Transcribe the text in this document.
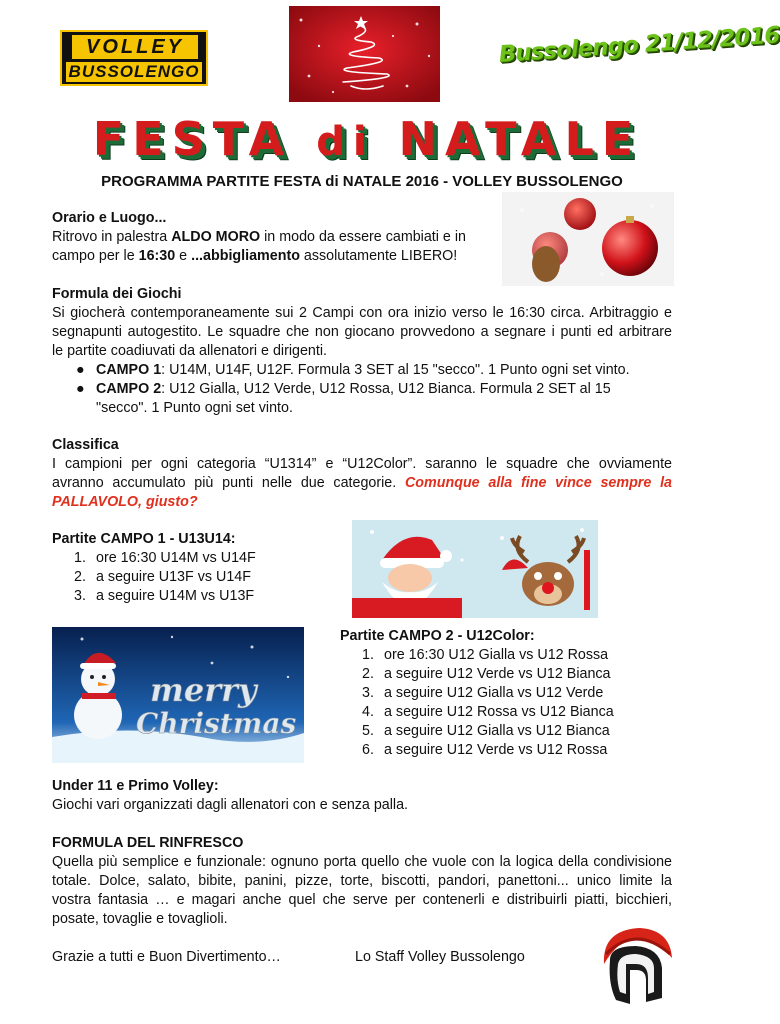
VOLLEY
BUSSOLENGO
Bussolengo 21/12/2016
FESTA di NATALE
PROGRAMMA PARTITE FESTA di NATALE 2016 - VOLLEY BUSSOLENGO
Orario e Luogo...
Ritrovo in palestra ALDO MORO in modo da essere cambiati e in
campo per le 16:30 e ...abbigliamento assolutamente LIBERO!
Formula dei Giochi
Si giocherà contemporaneamente sui 2 Campi con ora inizio verso le 16:30 circa. Arbitraggio e
segnapunti autogestito. Le squadre che non giocano provvedono a segnare i punti ed arbitrare
le partite coadiuvati da allenatori e dirigenti.
● CAMPO 1: U14M, U14F, U12F. Formula 3 SET al 15 "secco". 1 Punto ogni set vinto.
● CAMPO 2: U12 Gialla, U12 Verde, U12 Rossa, U12 Bianca. Formula 2 SET al 15
"secco". 1 Punto ogni set vinto.
Classifica
I campioni per ogni categoria “U1314” e “U12Color”. saranno le squadre che ovviamente
avranno accumulato più punti nelle due categorie. Comunque alla fine vince sempre la
PALLAVOLO, giusto?
Partite CAMPO 1 - U13U14:
1. ore 16:30 U14M vs U14F
2. a seguire U13F vs U14F
3. a seguire U14M vs U13F
merry
Christmas
Partite CAMPO 2 - U12Color:
1. ore 16:30 U12 Gialla vs U12 Rossa
2. a seguire U12 Verde vs U12 Bianca
3. a seguire U12 Gialla vs U12 Verde
4. a seguire U12 Rossa vs U12 Bianca
5. a seguire U12 Gialla vs U12 Bianca
6. a seguire U12 Verde vs U12 Rossa
Under 11 e Primo Volley:
Giochi vari organizzati dagli allenatori con e senza palla.
FORMULA DEL RINFRESCO
Quella più semplice e funzionale: ognuno porta quello che vuole con la logica della condivisione
totale. Dolce, salato, bibite, panini, pizze, torte, biscotti, pandori, panettoni... unico limite la
vostra fantasia … e magari anche quel che serve per contenerli e distribuirli piatti, bicchieri,
posate, tovaglie e tovaglioli.
Grazie a tutti e Buon Divertimento…	Lo Staff Volley Bussolengo
